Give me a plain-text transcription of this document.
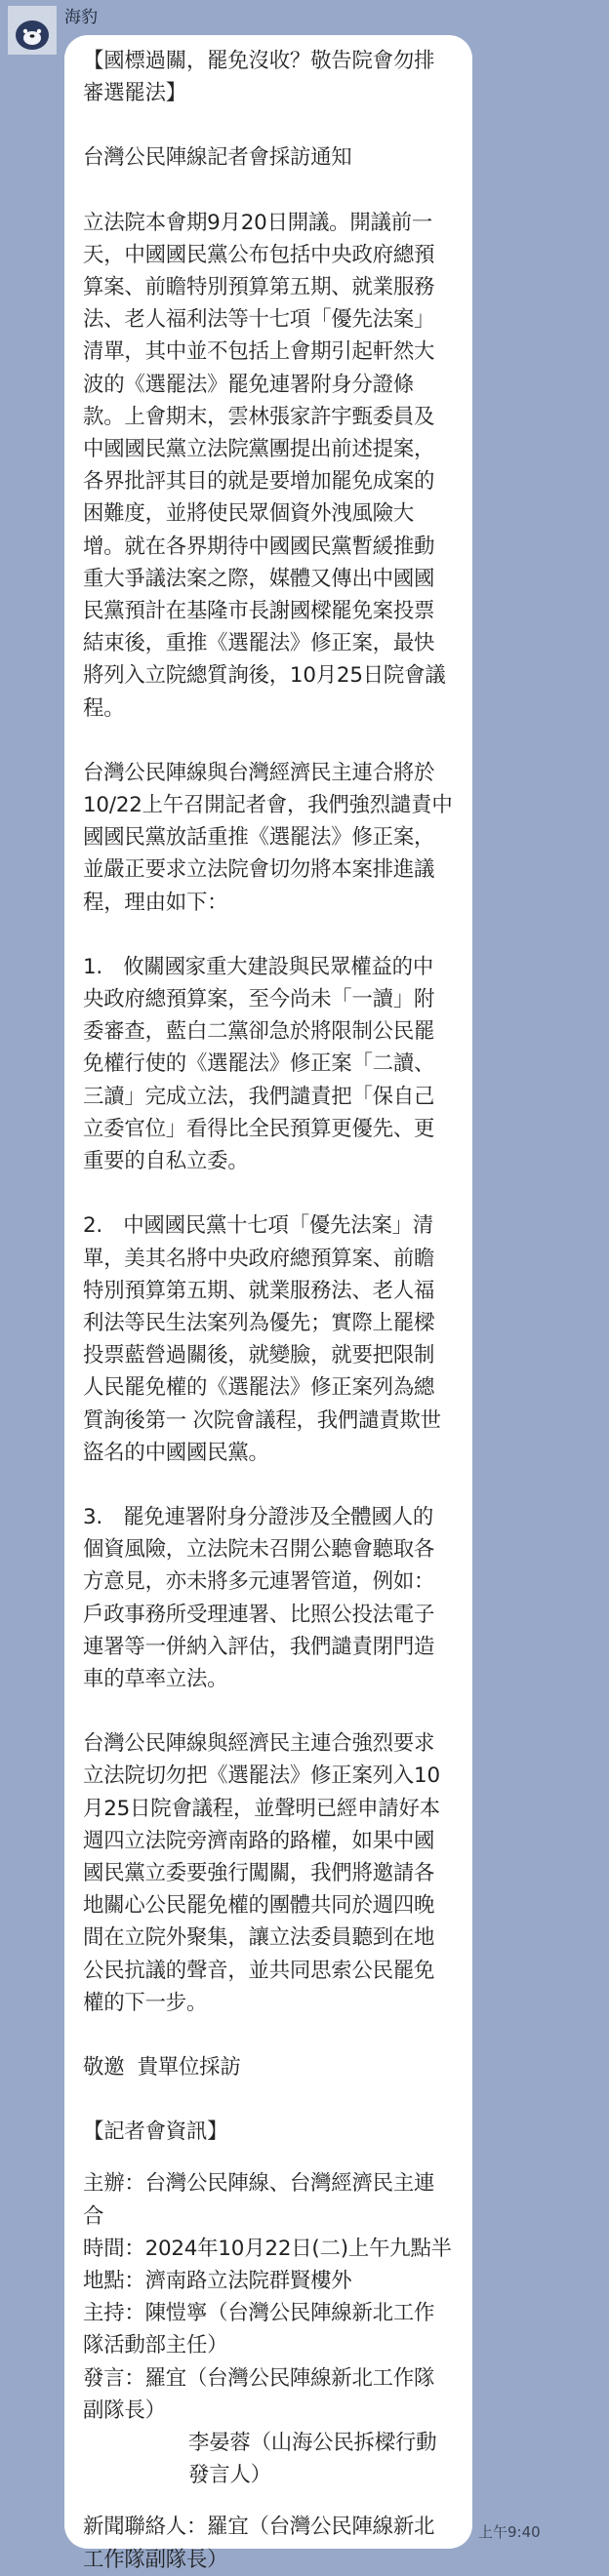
海豹

【國標過關，罷免沒收？敬告院會勿排審選罷法】

台灣公民陣線記者會採訪通知

立法院本會期9月20日開議。開議前一天，中國國民黨公布包括中央政府總預算案、前瞻特別預算第五期、就業服務法、老人福利法等十七項「優先法案」清單，其中並不包括上會期引起軒然大波的《選罷法》罷免連署附身分證條款。上會期末，雲林張家許宇甄委員及中國國民黨立法院黨團提出前述提案，各界批評其目的就是要增加罷免成案的困難度，並將使民眾個資外洩風險大增。就在各界期待中國國民黨暫緩推動重大爭議法案之際，媒體又傳出中國國民黨預計在基隆市長謝國樑罷免案投票結束後，重推《選罷法》修正案，最快將列入立院總質詢後，10月25日院會議程。

台灣公民陣線與台灣經濟民主連合將於10/22上午召開記者會，我們強烈譴責中國國民黨放話重推《選罷法》修正案，並嚴正要求立法院會切勿將本案排進議程，理由如下：

1.　攸關國家重大建設與民眾權益的中央政府總預算案，至今尚未「一讀」附委審查，藍白二黨卻急於將限制公民罷免權行使的《選罷法》修正案「二讀、三讀」完成立法，我們譴責把「保自己立委官位」看得比全民預算更優先、更重要的自私立委。

2.　中國國民黨十七項「優先法案」清單，美其名將中央政府總預算案、前瞻特別預算第五期、就業服務法、老人福利法等民生法案列為優先；實際上罷樑投票藍營過關後，就變臉，就要把限制人民罷免權的《選罷法》修正案列為總質詢後第一 次院會議程，我們譴責欺世盜名的中國國民黨。

3.　罷免連署附身分證涉及全體國人的個資風險，立法院未召開公聽會聽取各方意見，亦未將多元連署管道，例如：戶政事務所受理連署、比照公投法電子連署等一併納入評估，我們譴責閉門造車的草率立法。

台灣公民陣線與經濟民主連合強烈要求立法院切勿把《選罷法》修正案列入10月25日院會議程，並聲明已經申請好本週四立法院旁濟南路的路權，如果中國國民黨立委要強行闖關，我們將邀請各地關心公民罷免權的團體共同於週四晚間在立院外聚集，讓立法委員聽到在地公民抗議的聲音，並共同思索公民罷免權的下一步。

敬邀  貴單位採訪

【記者會資訊】

主辦：台灣公民陣線、台灣經濟民主連合

時間：2024年10月22日(二)上午九點半

地點：濟南路立法院群賢樓外

主持：陳愷寧（台灣公民陣線新北工作隊活動部主任）

發言：羅宜（台灣公民陣線新北工作隊副隊長）

李晏蓉（山海公民拆樑行動發言人）

新聞聯絡人：羅宜（台灣公民陣線新北工作隊副隊長）

上午9:40
